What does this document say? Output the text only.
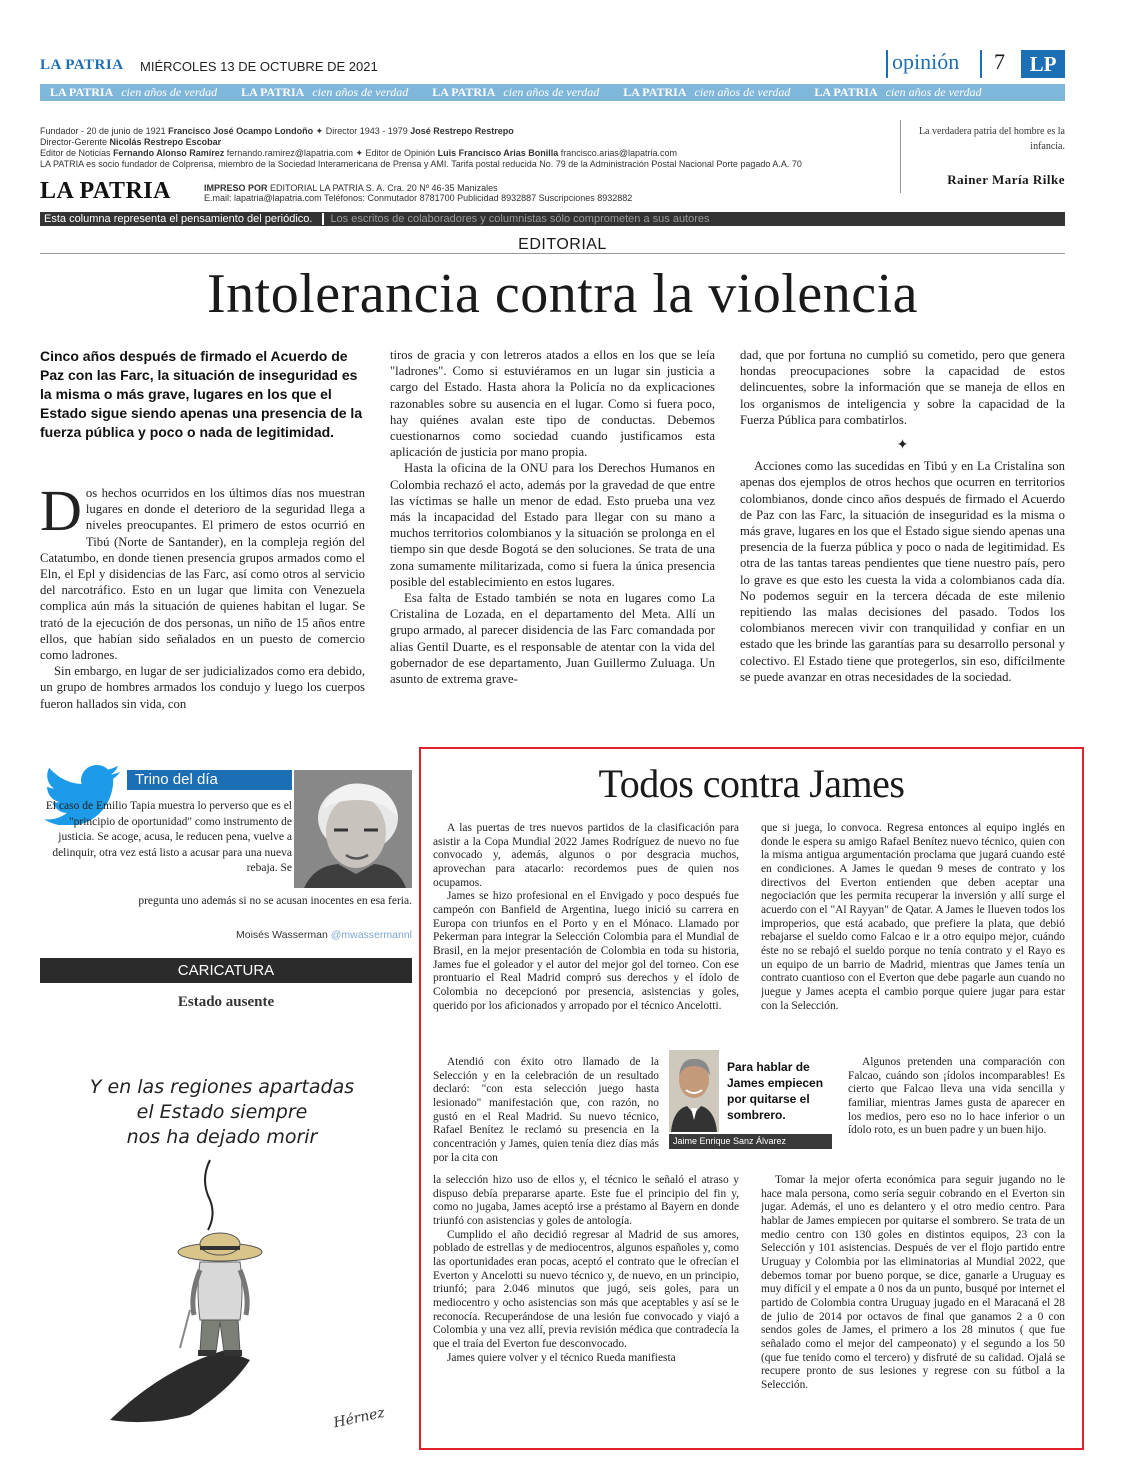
LA PATRIA MIÉRCOLES 13 DE OCTUBRE DE 2021	opinión 7	LP
LA PATRIA cien años de verdad LA PATRIA cien años de verdad LA PATRIA cien años de verdad LA PATRIA cien años de verdad LA PATRIA cien años de verdad
Fundador - 20 de junio de 1921 Francisco José Ocampo Londoño ✦ Director 1943 - 1979 José Restrepo Restrepo
Director-Gerente Nicolás Restrepo Escobar
Editor de Noticias Fernando Alonso Ramírez fernando.ramirez@lapatria.com ✦ Editor de Opinión Luis Francisco Arias Bonilla francisco.arias@lapatria.com
LA PATRIA es socio fundador de Colprensa, miembro de la Sociedad Interamericana de Prensa y AMI. Tarifa postal reducida No. 79 de la Administración Postal Nacional Porte pagado A.A. 70
LA PATRIA	IMPRESO POR EDITORIAL LA PATRIA S. A. Cra. 20 Nº 46-35 Manizales
E.mail: lapatria@lapatria.com Teléfonos: Conmutador 8781700 Publicidad 8932887 Suscripciones 8932882
La verdadera patria del hombre es la infancia.
Rainer María Rilke
Esta columna representa el pensamiento del periódico.	Los escritos de colaboradores y columnistas sólo comprometen a sus autores
EDITORIAL
Intolerancia contra la violencia
Cinco años después de firmado el Acuerdo de Paz con las Farc, la situación de inseguridad es la misma o más grave, lugares en los que el Estado sigue siendo apenas una presencia de la fuerza pública y poco o nada de legitimidad.

Dos hechos ocurridos en los últimos días nos muestran lugares en donde el deterioro de la seguridad llega a niveles preocupantes. El primero de estos ocurrió en Tibú (Norte de Santander), en la compleja región del Catatumbo, en donde tienen presencia grupos armados como el Eln, el Epl y disidencias de las Farc, así como otros al servicio del narcotráfico. Esto en un lugar que limita con Venezuela complica aún más la situación de quienes habitan el lugar. Se trató de la ejecución de dos personas, un niño de 15 años entre ellos, que habían sido señalados en un puesto de comercio como ladrones.

Sin embargo, en lugar de ser judicializados como era debido, un grupo de hombres armados los condujo y luego los cuerpos fueron hallados sin vida, con

tiros de gracia y con letreros atados a ellos en los que se leía "ladrones". Como si estuviéramos en un lugar sin justicia a cargo del Estado. Hasta ahora la Policía no da explicaciones razonables sobre su ausencia en el lugar. Como si fuera poco, hay quiénes avalan este tipo de conductas. Debemos cuestionarnos como sociedad cuando justificamos esta aplicación de justicia por mano propia.

Hasta la oficina de la ONU para los Derechos Humanos en Colombia rechazó el acto, además por la gravedad de que entre las víctimas se halle un menor de edad. Esto prueba una vez más la incapacidad del Estado para llegar con su mano a muchos territorios colombianos y la situación se prolonga en el tiempo sin que desde Bogotá se den soluciones. Se trata de una zona sumamente militarizada, como si fuera la única presencia posible del establecimiento en estos lugares.

Esa falta de Estado también se nota en lugares como La Cristalina de Lozada, en el departamento del Meta. Allí un grupo armado, al parecer disidencia de las Farc comandada por alias Gentil Duarte, es el responsable de atentar con la vida del gobernador de ese departamento, Juan Guillermo Zuluaga. Un asunto de extrema grave-

dad, que por fortuna no cumplió su cometido, pero que genera hondas preocupaciones sobre la capacidad de estos delincuentes, sobre la información que se maneja de ellos en los organismos de inteligencia y sobre la capacidad de la Fuerza Pública para combatirlos.

✦

Acciones como las sucedidas en Tibú y en La Cristalina son apenas dos ejemplos de otros hechos que ocurren en territorios colombianos, donde cinco años después de firmado el Acuerdo de Paz con las Farc, la situación de inseguridad es la misma o más grave, lugares en los que el Estado sigue siendo apenas una presencia de la fuerza pública y poco o nada de legitimidad. Es otra de las tantas tareas pendientes que tiene nuestro país, pero lo grave es que esto les cuesta la vida a colombianos cada día. No podemos seguir en la tercera década de este milenio repitiendo las malas decisiones del pasado. Todos los colombianos merecen vivir con tranquilidad y confiar en un estado que les brinde las garantías para su desarrollo personal y colectivo. El Estado tiene que protegerlos, sin eso, difícilmente se puede avanzar en otras necesidades de la sociedad.

Trino del día
El caso de Emilio Tapia muestra lo perverso que es el "principio de oportunidad" como instrumento de justicia. Se acoge, acusa, le reducen pena, vuelve a delinquir, otra vez está listo a acusar para una nueva rebaja. Se
pregunta uno además si no se acusan inocentes en esa feria.
Moisés Wasserman @mwassermannl
CARICATURA
Estado ausente
Y en las regiones apartadas
el Estado siempre
nos ha dejado morir
Hérnez
Todos contra James

A las puertas de tres nuevos partidos de la clasificación para asistir a la Copa Mundial 2022 James Rodríguez de nuevo no fue convocado y, además, algunos o por desgracia muchos, aprovechan para atacarlo: recordemos pues de quien nos ocupamos.

James se hizo profesional en el Envigado y poco después fue campeón con Banfield de Argentina, luego inició su carrera en Europa con triunfos en el Porto y en el Mónaco. Llamado por Pekerman para integrar la Selección Colombia para el Mundial de Brasil, en la mejor presentación de Colombia en toda su historia, James fue el goleador y el autor del mejor gol del torneo. Con ese prontuario el Real Madrid compró sus derechos y el ídolo de Colombia no decepcionó por presencia, asistencias y goles, querido por los aficionados y arropado por el técnico Ancelotti.

Atendió con éxito otro llamado de la Selección y en la celebración de un resultado declaró: "con esta selección juego hasta lesionado" manifestación que, con razón, no gustó en el Real Madrid. Su nuevo técnico, Rafael Benítez le reclamó su presencia en la concentración y James, quien tenía diez días más por la cita con

la selección hizo uso de ellos y, el técnico le señaló el atraso y dispuso debía prepararse aparte. Este fue el principio del fin y, como no jugaba, James aceptó irse a préstamo al Bayern en donde triunfó con asistencias y goles de antología.

Cumplido el año decidió regresar al Madrid de sus amores, poblado de estrellas y de mediocentros, algunos españoles y, como las oportunidades eran pocas, aceptó el contrato que le ofrecían el Everton y Ancelotti su nuevo técnico y, de nuevo, en un principio, triunfó; para 2.046 minutos que jugó, seis goles, para un mediocentro y ocho asistencias son más que aceptables y así se le reconocía. Recuperándose de una lesión fue convocado y viajó a Colombia y una vez allí, previa revisión médica que contradecía la que el traía del Everton fue desconvocado.

James quiere volver y el técnico Rueda manifiesta

que si juega, lo convoca. Regresa entonces al equipo inglés en donde le espera su amigo Rafael Benítez nuevo técnico, quien con la misma antigua argumentación proclama que jugará cuando esté en condiciones. A James le quedan 9 meses de contrato y los directivos del Everton entienden que deben aceptar una negociación que les permita recuperar la inversión y allí surge el acuerdo con el "Al Rayyan" de Qatar. A James le llueven todos los improperios, que está acabado, que prefiere la plata, que debió rebajarse el sueldo como Falcao e ir a otro equipo mejor, cuándo éste no se rebajó el sueldo porque no tenía contrato y el Rayo es un equipo de un barrio de Madrid, mientras que James tenía un contrato cuantioso con el Everton que debe pagarle aun cuando no juegue y James acepta el cambio porque quiere jugar para estar con la Selección.

Algunos pretenden una comparación con Falcao, cuándo son ¡ídolos incomparables! Es cierto que Falcao lleva una vida sencilla y familiar, mientras James gusta de aparecer en los medios, pero eso no lo hace inferior o un ídolo roto, es un buen padre y un buen hijo.

Tomar la mejor oferta económica para seguir jugando no le hace mala persona, como sería seguir cobrando en el Everton sin jugar. Además, el uno es delantero y el otro medio centro. Para hablar de James empiecen por quitarse el sombrero. Se trata de un medio centro con 130 goles en distintos equipos, 23 con la Selección y 101 asistencias. Después de ver el flojo partido entre Uruguay y Colombia por las eliminatorias al Mundial 2022, que debemos tomar por bueno porque, se dice, ganarle a Uruguay es muy difícil y el empate a 0 nos da un punto, busqué por internet el partido de Colombia contra Uruguay jugado en el Maracaná el 28 de julio de 2014 por octavos de final que ganamos 2 a 0 con sendos goles de James, el primero a los 28 minutos ( que fue señalado como el mejor del campeonato) y el segundo a los 50 (que fue tenido como el tercero) y disfruté de su calidad. Ojalá se recupere pronto de sus lesiones y regrese con su fútbol a la Selección.

Para hablar de James empiecen por quitarse el sombrero.
Jaime Enrique Sanz Álvarez
